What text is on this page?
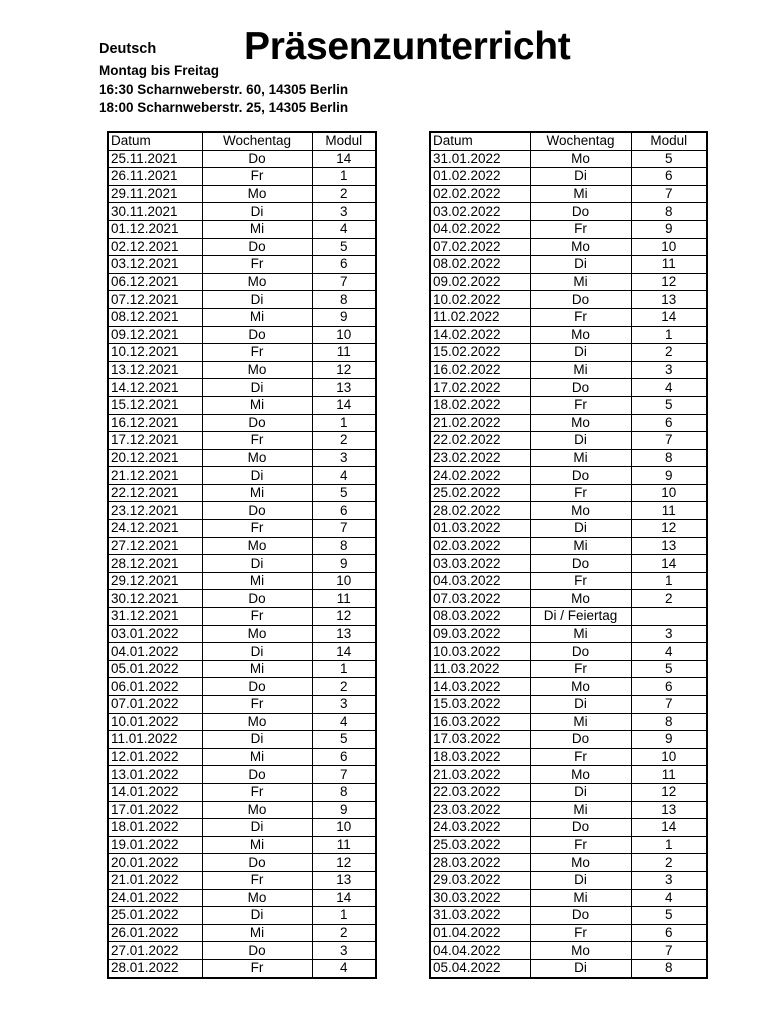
Deutsch
Montag bis Freitag
16:30 Scharnweberstr. 60, 14305 Berlin
18:00 Scharnweberstr. 25, 14305 Berlin
Präsenzunterricht
Datum	Wochentag	Modul
25.11.2021	Do	14
26.11.2021	Fr	1
29.11.2021	Mo	2
30.11.2021	Di	3
01.12.2021	Mi	4
02.12.2021	Do	5
03.12.2021	Fr	6
06.12.2021	Mo	7
07.12.2021	Di	8
08.12.2021	Mi	9
09.12.2021	Do	10
10.12.2021	Fr	11
13.12.2021	Mo	12
14.12.2021	Di	13
15.12.2021	Mi	14
16.12.2021	Do	1
17.12.2021	Fr	2
20.12.2021	Mo	3
21.12.2021	Di	4
22.12.2021	Mi	5
23.12.2021	Do	6
24.12.2021	Fr	7
27.12.2021	Mo	8
28.12.2021	Di	9
29.12.2021	Mi	10
30.12.2021	Do	11
31.12.2021	Fr	12
03.01.2022	Mo	13
04.01.2022	Di	14
05.01.2022	Mi	1
06.01.2022	Do	2
07.01.2022	Fr	3
10.01.2022	Mo	4
11.01.2022	Di	5
12.01.2022	Mi	6
13.01.2022	Do	7
14.01.2022	Fr	8
17.01.2022	Mo	9
18.01.2022	Di	10
19.01.2022	Mi	11
20.01.2022	Do	12
21.01.2022	Fr	13
24.01.2022	Mo	14
25.01.2022	Di	1
26.01.2022	Mi	2
27.01.2022	Do	3
28.01.2022	Fr	4
Datum	Wochentag	Modul
31.01.2022	Mo	5
01.02.2022	Di	6
02.02.2022	Mi	7
03.02.2022	Do	8
04.02.2022	Fr	9
07.02.2022	Mo	10
08.02.2022	Di	11
09.02.2022	Mi	12
10.02.2022	Do	13
11.02.2022	Fr	14
14.02.2022	Mo	1
15.02.2022	Di	2
16.02.2022	Mi	3
17.02.2022	Do	4
18.02.2022	Fr	5
21.02.2022	Mo	6
22.02.2022	Di	7
23.02.2022	Mi	8
24.02.2022	Do	9
25.02.2022	Fr	10
28.02.2022	Mo	11
01.03.2022	Di	12
02.03.2022	Mi	13
03.03.2022	Do	14
04.03.2022	Fr	1
07.03.2022	Mo	2
08.03.2022	Di / Feiertag	
09.03.2022	Mi	3
10.03.2022	Do	4
11.03.2022	Fr	5
14.03.2022	Mo	6
15.03.2022	Di	7
16.03.2022	Mi	8
17.03.2022	Do	9
18.03.2022	Fr	10
21.03.2022	Mo	11
22.03.2022	Di	12
23.03.2022	Mi	13
24.03.2022	Do	14
25.03.2022	Fr	1
28.03.2022	Mo	2
29.03.2022	Di	3
30.03.2022	Mi	4
31.03.2022	Do	5
01.04.2022	Fr	6
04.04.2022	Mo	7
05.04.2022	Di	8
